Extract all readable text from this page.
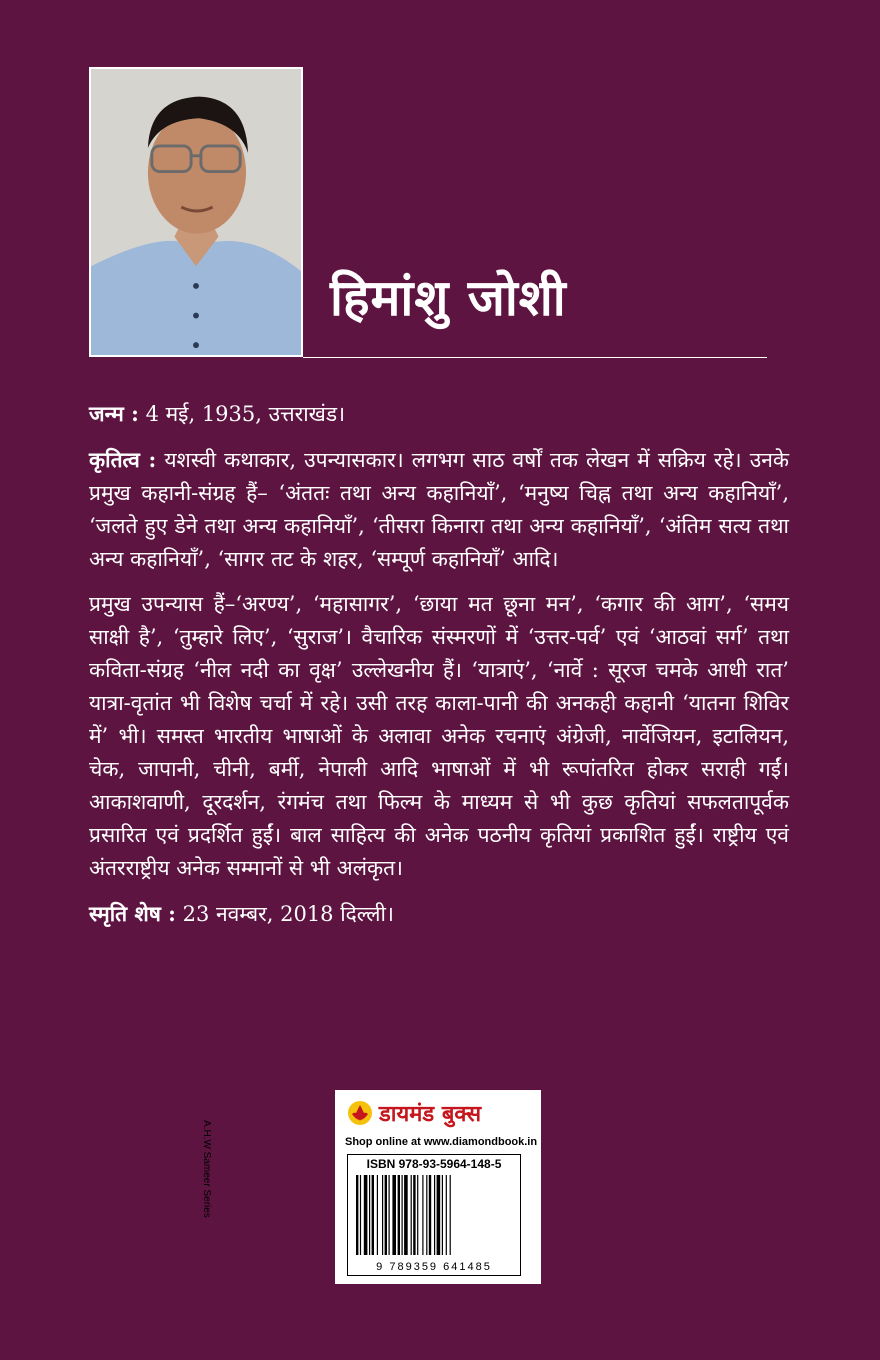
हिमांशु जोशी

जन्म : 4 मई, 1935, उत्तराखंड।

कृतित्व : यशस्वी कथाकार, उपन्यासकार। लगभग साठ वर्षों तक लेखन में सक्रिय रहे। उनके प्रमुख कहानी-संग्रह हैं– ‘अंततः तथा अन्य कहानियाँ’, ‘मनुष्य चिह्न तथा अन्य कहानियाँ’, ‘जलते हुए डेने तथा अन्य कहानियाँ’, ‘तीसरा किनारा तथा अन्य कहानियाँ’, ‘अंतिम सत्य तथा अन्य कहानियाँ’, ‘सागर तट के शहर, ‘सम्पूर्ण कहानियाँ’ आदि।

प्रमुख उपन्यास हैं–‘अरण्य’, ‘महासागर’, ‘छाया मत छूना मन’, ‘कगार की आग’, ‘समय साक्षी है’, ‘तुम्हारे लिए’, ‘सुराज’। वैचारिक संस्मरणों में ‘उत्तर-पर्व’ एवं ‘आठवां सर्ग’ तथा कविता-संग्रह ‘नील नदी का वृक्ष’ उल्लेखनीय हैं। ‘यात्राएं’, ‘नार्वे : सूरज चमके आधी रात’ यात्रा-वृतांत भी विशेष चर्चा में रहे। उसी तरह काला-पानी की अनकही कहानी ‘यातना शिविर में’ भी। समस्त भारतीय भाषाओं के अलावा अनेक रचनाएं अंग्रेजी, नार्वेजियन, इटालियन, चेक, जापानी, चीनी, बर्मी, नेपाली आदि भाषाओं में भी रूपांतरित होकर सराही गईं। आकाशवाणी, दूरदर्शन, रंगमंच तथा फिल्म के माध्यम से भी कुछ कृतियां सफलतापूर्वक प्रसारित एवं प्रदर्शित हुईं। बाल साहित्य की अनेक पठनीय कृतियां प्रकाशित हुईं। राष्ट्रीय एवं अंतरराष्ट्रीय अनेक सम्मानों से भी अलंकृत।

स्मृति शेष : 23 नवम्बर, 2018 दिल्ली।

डायमंड बुक्स
Shop online at www.diamondbook.in
ISBN 978-93-5964-148-5
9 789359 641485
A.H.W Sameer Series
